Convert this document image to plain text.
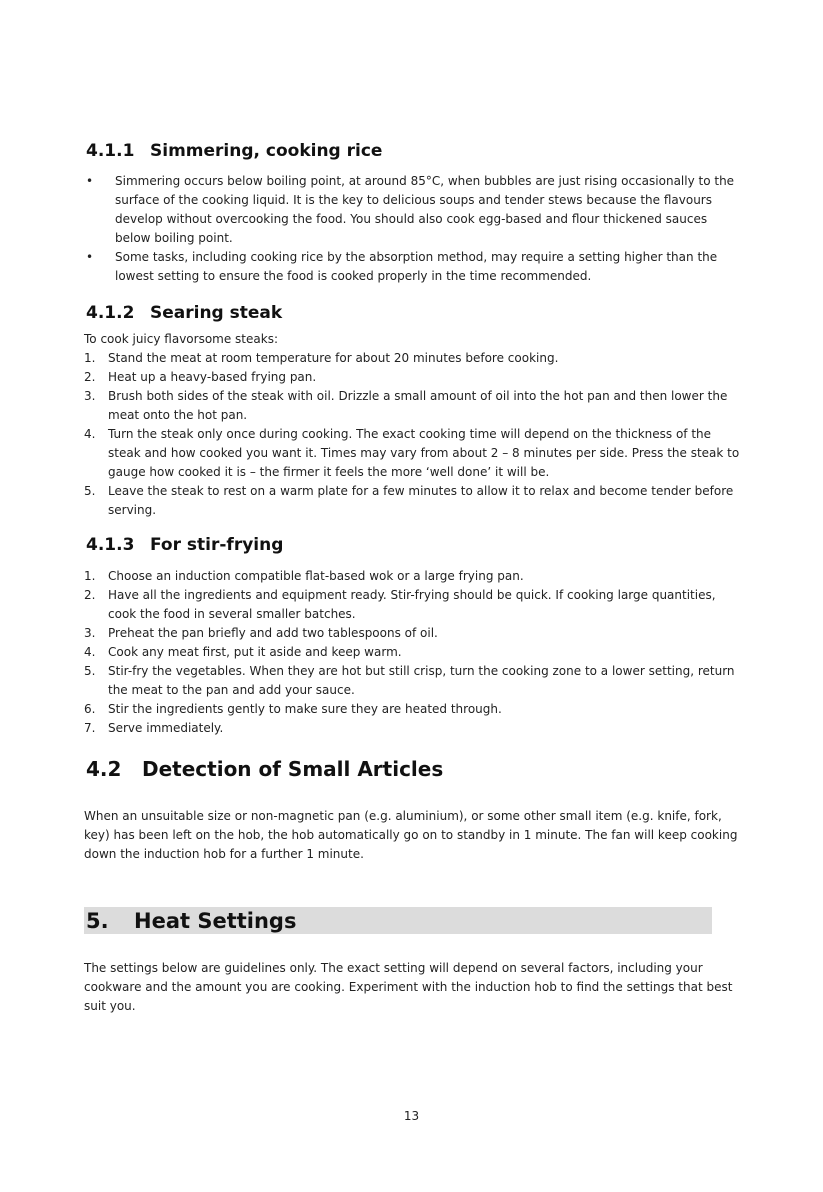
4.1.1 Simmering, cooking rice
• Simmering occurs below boiling point, at around 85°C, when bubbles are just rising occasionally to the surface of the cooking liquid. It is the key to delicious soups and tender stews because the flavours develop without overcooking the food. You should also cook egg-based and flour thickened sauces below boiling point.
• Some tasks, including cooking rice by the absorption method, may require a setting higher than the lowest setting to ensure the food is cooked properly in the time recommended.
4.1.2 Searing steak
To cook juicy flavorsome steaks:
1. Stand the meat at room temperature for about 20 minutes before cooking.
2. Heat up a heavy-based frying pan.
3. Brush both sides of the steak with oil. Drizzle a small amount of oil into the hot pan and then lower the meat onto the hot pan.
4. Turn the steak only once during cooking. The exact cooking time will depend on the thickness of the steak and how cooked you want it. Times may vary from about 2 – 8 minutes per side. Press the steak to gauge how cooked it is – the firmer it feels the more ‘well done’ it will be.
5. Leave the steak to rest on a warm plate for a few minutes to allow it to relax and become tender before serving.
4.1.3 For stir-frying
1. Choose an induction compatible flat-based wok or a large frying pan.
2. Have all the ingredients and equipment ready. Stir-frying should be quick. If cooking large quantities, cook the food in several smaller batches.
3. Preheat the pan briefly and add two tablespoons of oil.
4. Cook any meat first, put it aside and keep warm.
5. Stir-fry the vegetables. When they are hot but still crisp, turn the cooking zone to a lower setting, return the meat to the pan and add your sauce.
6. Stir the ingredients gently to make sure they are heated through.
7. Serve immediately.
4.2 Detection of Small Articles
When an unsuitable size or non-magnetic pan (e.g. aluminium), or some other small item (e.g. knife, fork, key) has been left on the hob, the hob automatically go on to standby in 1 minute. The fan will keep cooking down the induction hob for a further 1 minute.
5. Heat Settings
The settings below are guidelines only. The exact setting will depend on several factors, including your cookware and the amount you are cooking. Experiment with the induction hob to find the settings that best suit you.
13
